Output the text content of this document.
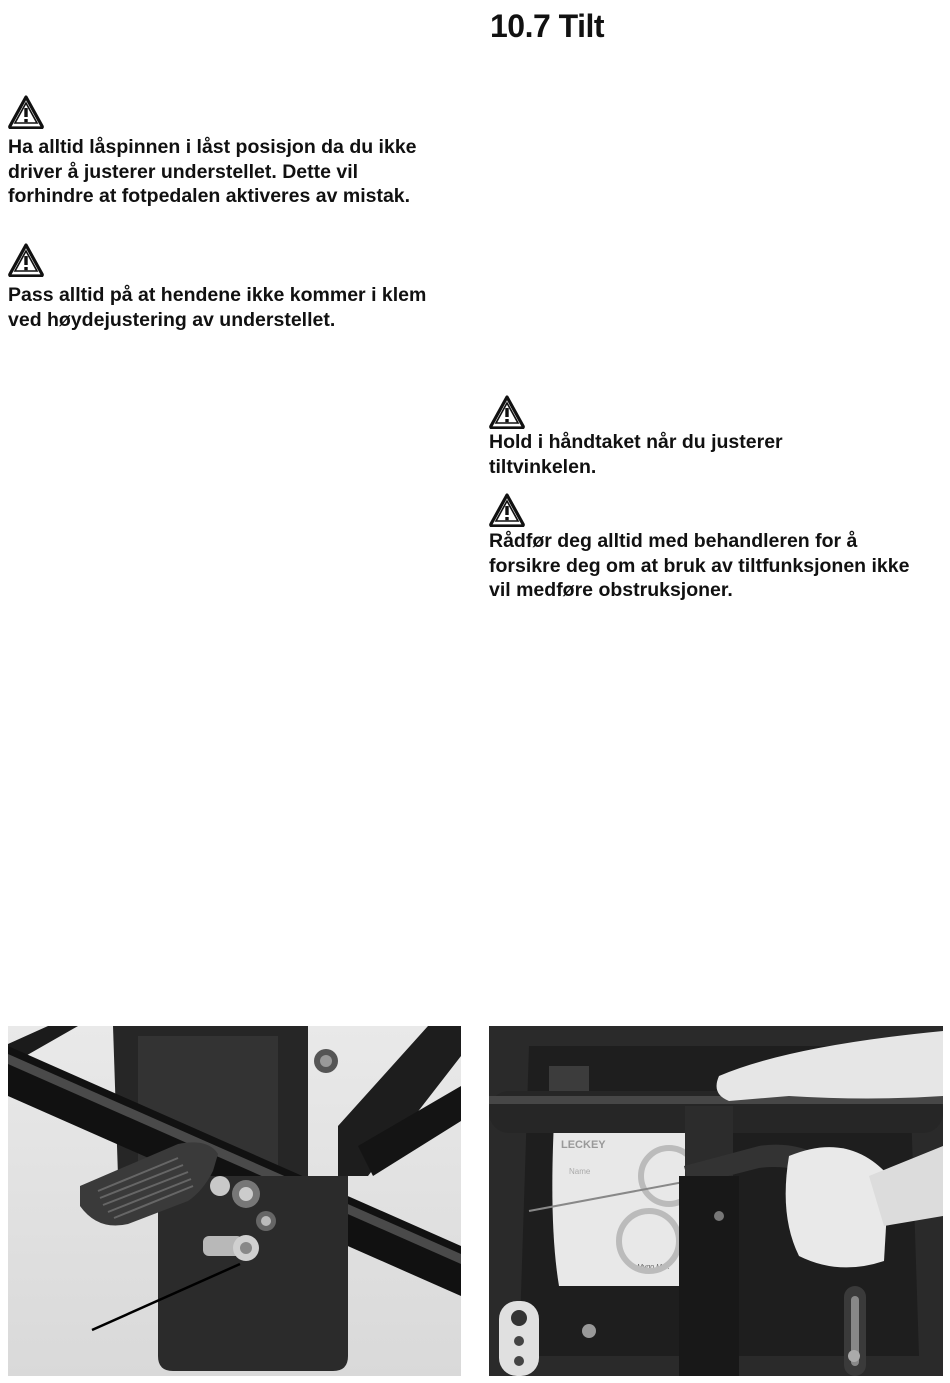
10.7 Tilt

Ha alltid låspinnen i låst posisjon da du ikke driver å justerer understellet. Dette vil forhindre at fotpedalen aktiveres av mistak.

Pass alltid på at hendene ikke kommer i klem ved høydejustering av understellet.

Hold i håndtaket når du justerer tiltvinkelen.

Rådfør deg alltid med behandleren for å forsikre deg om at bruk av tiltfunksjonen ikke vil medføre obstruksjoner.

LECKEY
Name
Mygo Max
